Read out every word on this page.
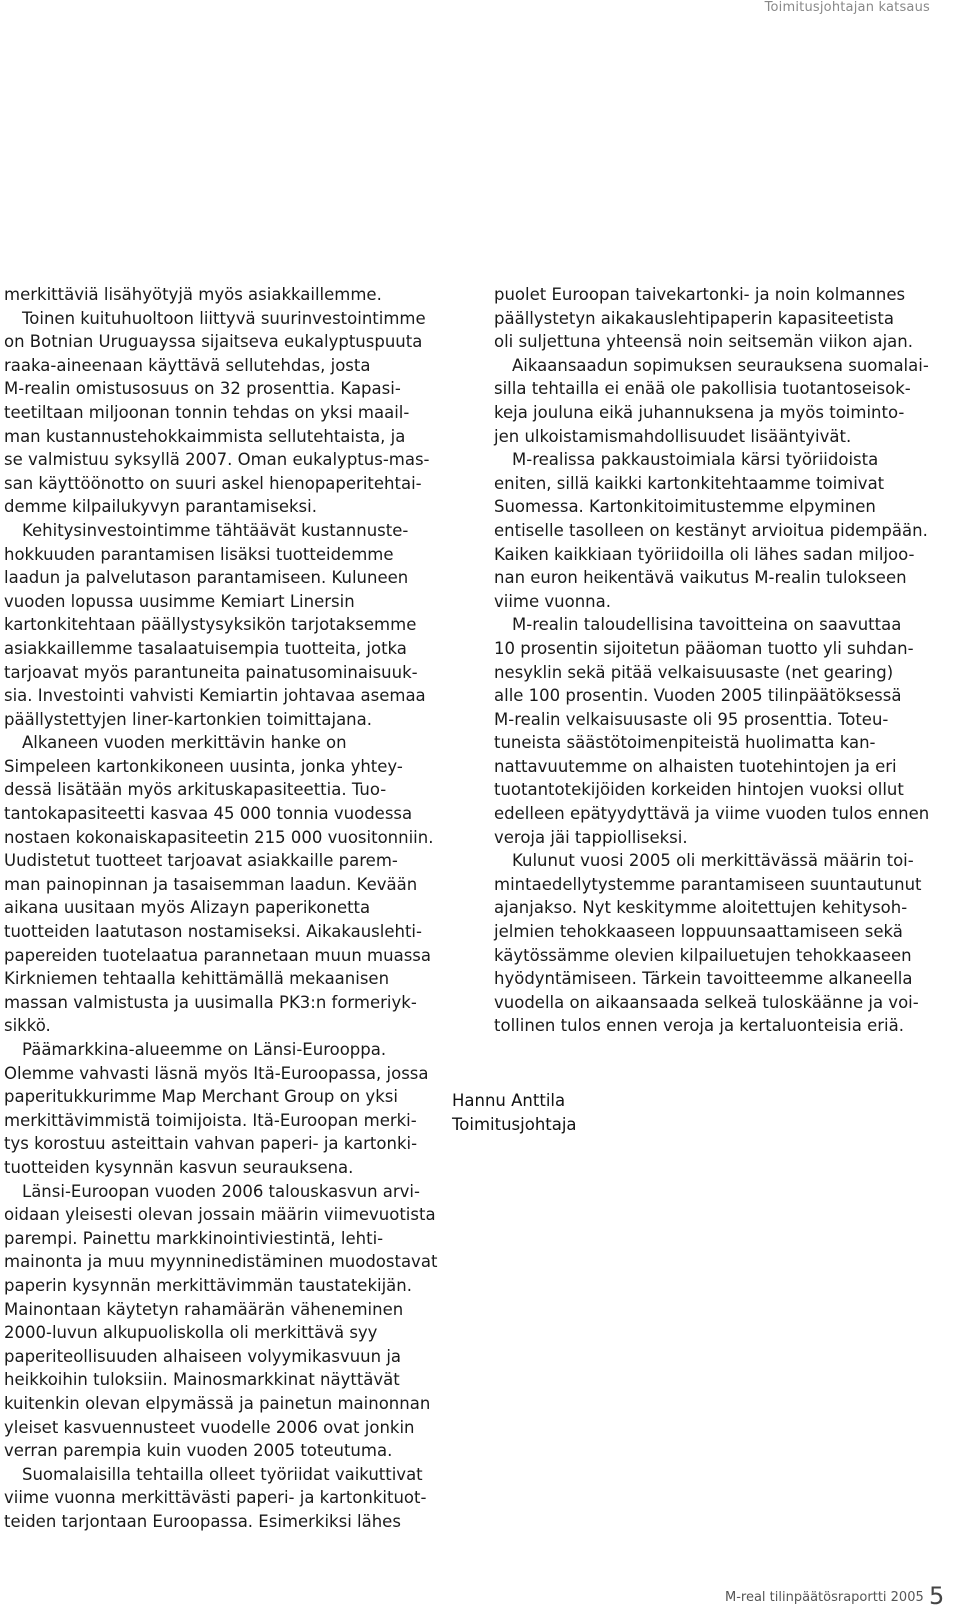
Toimitusjohtajan katsaus
merkittäviä lisähyötyjä myös asiakkaillemme.
Toinen kuituhuoltoon liittyvä suurinvestointimme
on Botnian Uruguayssa sijaitseva eukalyptuspuuta
raaka-aineenaan käyttävä sellutehdas, josta
M-realin omistusosuus on 32 prosenttia. Kapasi-
teetiltaan miljoonan tonnin tehdas on yksi maail-
man kustannustehokkaimmista sellutehtaista, ja
se valmistuu syksyllä 2007. Oman eukalyptus-mas-
san käyttöönotto on suuri askel hienopaperitehtai-
demme kilpailukyvyn parantamiseksi.
Kehitysinvestointimme tähtäävät kustannuste-
hokkuuden parantamisen lisäksi tuotteidemme
laadun ja palvelutason parantamiseen. Kuluneen
vuoden lopussa uusimme Kemiart Linersin
kartonkitehtaan päällystysyksikön tarjotaksemme
asiakkaillemme tasalaatuisempia tuotteita, jotka
tarjoavat myös parantuneita painatusominaisuuk-
sia. Investointi vahvisti Kemiartin johtavaa asemaa
päällystettyjen liner-kartonkien toimittajana.
Alkaneen vuoden merkittävin hanke on
Simpeleen kartonkikoneen uusinta, jonka yhtey-
dessä lisätään myös arkituskapasiteettia. Tuo-
tantokapasiteetti kasvaa 45 000 tonnia vuodessa
nostaen kokonaiskapasiteetin 215 000 vuositonniin.
Uudistetut tuotteet tarjoavat asiakkaille parem-
man painopinnan ja tasaisemman laadun. Kevään
aikana uusitaan myös Alizayn paperikonetta
tuotteiden laatutason nostamiseksi. Aikakauslehti-
papereiden tuotelaatua parannetaan muun muassa
Kirkniemen tehtaalla kehittämällä mekaanisen
massan valmistusta ja uusimalla PK3:n formeriyk-
sikkö.
Päämarkkina-alueemme on Länsi-Eurooppa.
Olemme vahvasti läsnä myös Itä-Euroopassa, jossa
paperitukkurimme Map Merchant Group on yksi
merkittävimmistä toimijoista. Itä-Euroopan merki-
tys korostuu asteittain vahvan paperi- ja kartonki-
tuotteiden kysynnän kasvun seurauksena.
Länsi-Euroopan vuoden 2006 talouskasvun arvi-
oidaan yleisesti olevan jossain määrin viimevuotista
parempi. Painettu markkinointiviestintä, lehti-
mainonta ja muu myynninedistäminen muodostavat
paperin kysynnän merkittävimmän taustatekijän.
Mainontaan käytetyn rahamäärän väheneminen
2000-luvun alkupuoliskolla oli merkittävä syy
paperiteollisuuden alhaiseen volyymikasvuun ja
heikkoihin tuloksiin. Mainosmarkkinat näyttävät
kuitenkin olevan elpymässä ja painetun mainonnan
yleiset kasvuennusteet vuodelle 2006 ovat jonkin
verran parempia kuin vuoden 2005 toteutuma.
Suomalaisilla tehtailla olleet työriidat vaikuttivat
viime vuonna merkittävästi paperi- ja kartonkituot-
teiden tarjontaan Euroopassa. Esimerkiksi lähes
puolet Euroopan taivekartonki- ja noin kolmannes
päällystetyn aikakauslehtipaperin kapasiteetista
oli suljettuna yhteensä noin seitsemän viikon ajan.
Aikaansaadun sopimuksen seurauksena suomalai-
silla tehtailla ei enää ole pakollisia tuotantoseisok-
keja jouluna eikä juhannuksena ja myös toiminto-
jen ulkoistamismahdollisuudet lisääntyivät.
M-realissa pakkaustoimiala kärsi työriidoista
eniten, sillä kaikki kartonkitehtaamme toimivat
Suomessa. Kartonkitoimitustemme elpyminen
entiselle tasolleen on kestänyt arvioitua pidempään.
Kaiken kaikkiaan työriidoilla oli lähes sadan miljoo-
nan euron heikentävä vaikutus M-realin tulokseen
viime vuonna.
M-realin taloudellisina tavoitteina on saavuttaa
10 prosentin sijoitetun pääoman tuotto yli suhdan-
nesyklin sekä pitää velkaisuusaste (net gearing)
alle 100 prosentin. Vuoden 2005 tilinpäätöksessä
M-realin velkaisuusaste oli 95 prosenttia. Toteu-
tuneista säästötoimenpiteistä huolimatta kan-
nattavuutemme on alhaisten tuotehintojen ja eri
tuotantotekijöiden korkeiden hintojen vuoksi ollut
edelleen epätyydyttävä ja viime vuoden tulos ennen
veroja jäi tappiolliseksi.
Kulunut vuosi 2005 oli merkittävässä määrin toi-
mintaedellytystemme parantamiseen suuntautunut
ajanjakso. Nyt keskitymme aloitettujen kehitysoh-
jelmien tehokkaaseen loppuunsaattamiseen sekä
käytössämme olevien kilpailuetujen tehokkaaseen
hyödyntämiseen. Tärkein tavoitteemme alkaneella
vuodella on aikaansaada selkeä tuloskäänne ja voi-
tollinen tulos ennen veroja ja kertaluonteisia eriä.
Hannu Anttila
Toimitusjohtaja
M-real tilinpäätösraportti 2005 5
